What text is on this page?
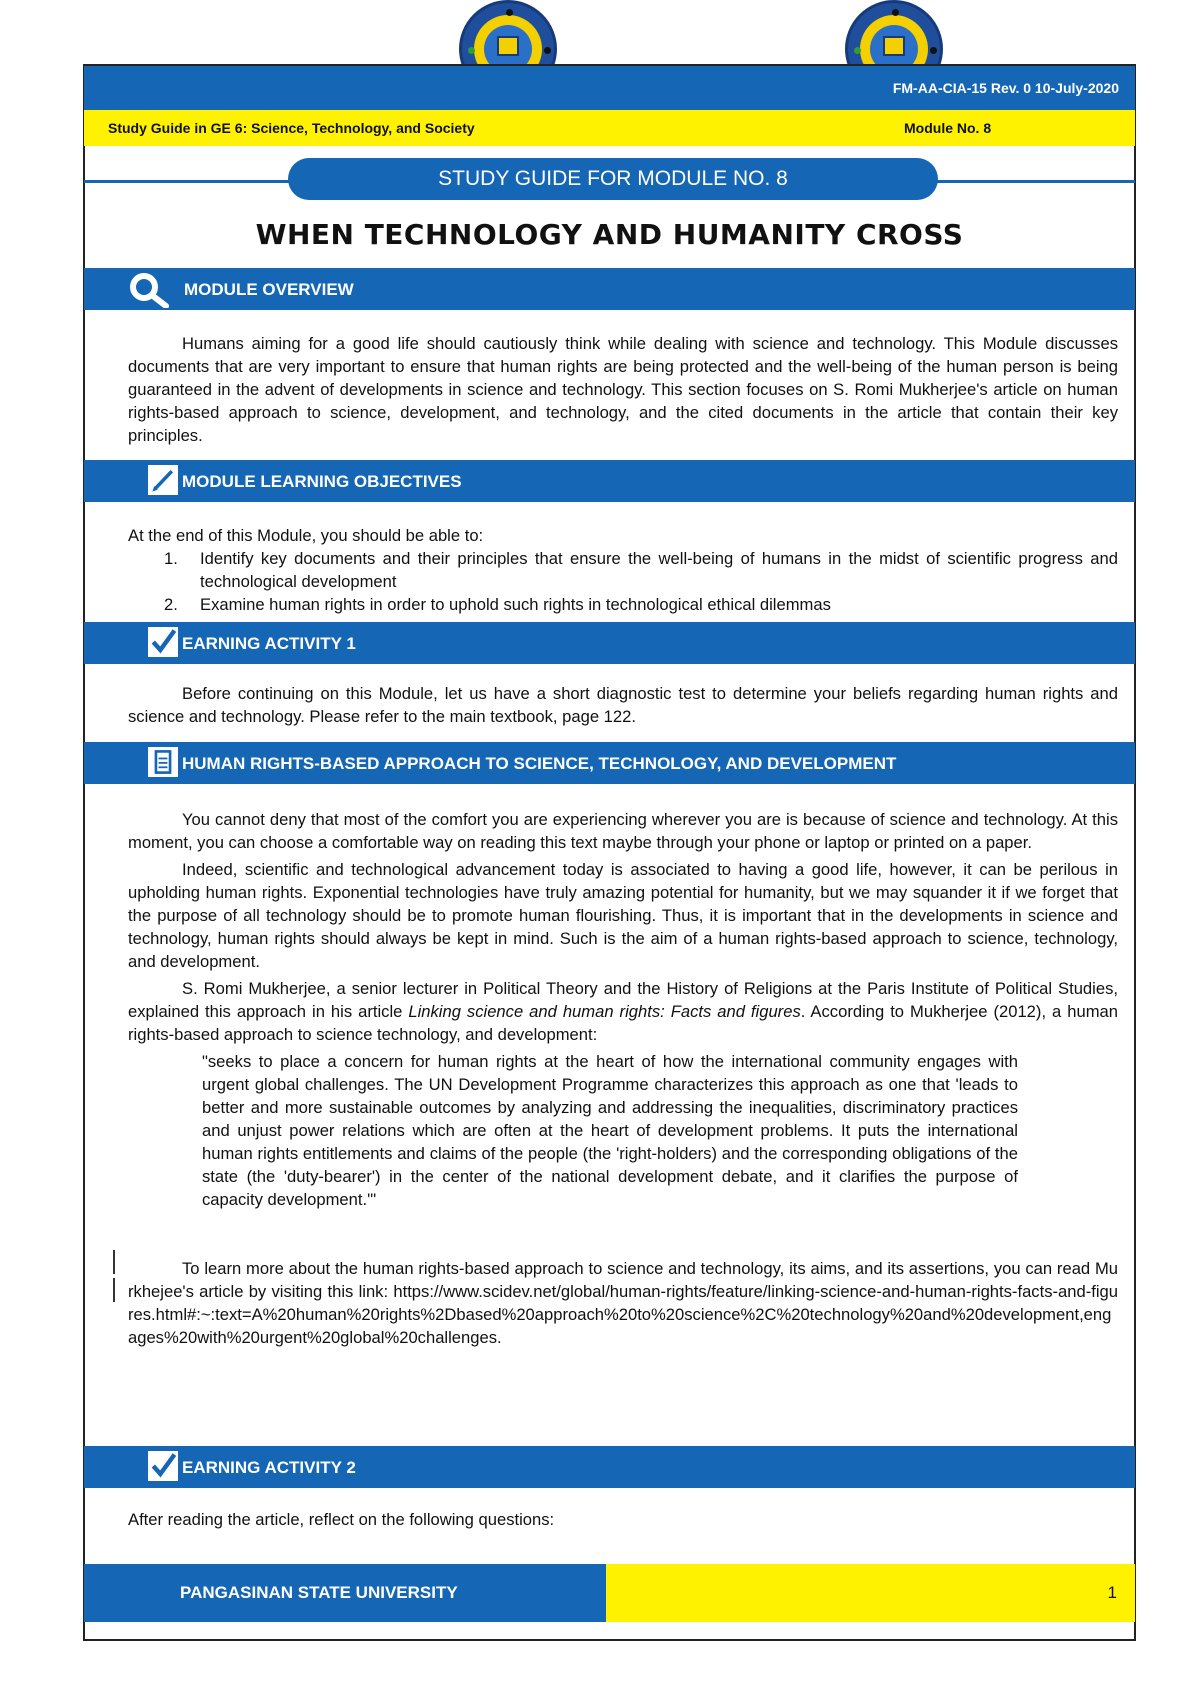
FM-AA-CIA-15 Rev. 0 10-July-2020
Study Guide in GE 6: Science, Technology, and Society	Module No. 8
STUDY GUIDE FOR MODULE NO. 8
WHEN TECHNOLOGY AND HUMANITY CROSS
MODULE OVERVIEW

Humans aiming for a good life should cautiously think while dealing with science and technology. This Module discusses documents that are very important to ensure that human rights are being protected and the well-being of the human person is being guaranteed in the advent of developments in science and technology. This section focuses on S. Romi Mukherjee's article on human rights-based approach to science, development, and technology, and the cited documents in the article that contain their key principles.

MODULE LEARNING OBJECTIVES

At the end of this Module, you should be able to:

1. Identify key documents and their principles that ensure the well-being of humans in the midst of scientific progress and technological development
2. Examine human rights in order to uphold such rights in technological ethical dilemmas
EARNING ACTIVITY 1

Before continuing on this Module, let us have a short diagnostic test to determine your beliefs regarding human rights and science and technology. Please refer to the main textbook, page 122.

HUMAN RIGHTS-BASED APPROACH TO SCIENCE, TECHNOLOGY, AND DEVELOPMENT

You cannot deny that most of the comfort you are experiencing wherever you are is because of science and technology. At this moment, you can choose a comfortable way on reading this text maybe through your phone or laptop or printed on a paper.

Indeed, scientific and technological advancement today is associated to having a good life, however, it can be perilous in upholding human rights. Exponential technologies have truly amazing potential for humanity, but we may squander it if we forget that the purpose of all technology should be to promote human flourishing. Thus, it is important that in the developments in science and technology, human rights should always be kept in mind. Such is the aim of a human rights-based approach to science, technology, and development.

S. Romi Mukherjee, a senior lecturer in Political Theory and the History of Religions at the Paris Institute of Political Studies, explained this approach in his article Linking science and human rights: Facts and figures. According to Mukherjee (2012), a human rights-based approach to science technology, and development:

"seeks to place a concern for human rights at the heart of how the international community engages with urgent global challenges. The UN Development Programme characterizes this approach as one that 'leads to better and more sustainable outcomes by analyzing and addressing the inequalities, discriminatory practices and unjust power relations which are often at the heart of development problems. It puts the international human rights entitlements and claims of the people (the 'right-holders) and the corresponding obligations of the state (the 'duty-bearer') in the center of the national development debate, and it clarifies the purpose of capacity development.'"

To learn more about the human rights-based approach to science and technology, its aims, and its assertions, you can read Murkhejee's article by visiting this link: https://www.scidev.net/global/human-rights/feature/linking-science-and-human-rights-facts-and-figures.html#:~:text=A%20human%20rights%2Dbased%20approach%20to%20science%2C%20technology%20and%20development,engages%20with%20urgent%20global%20challenges.

EARNING ACTIVITY 2

After reading the article, reflect on the following questions:

PANGASINAN STATE UNIVERSITY	1
